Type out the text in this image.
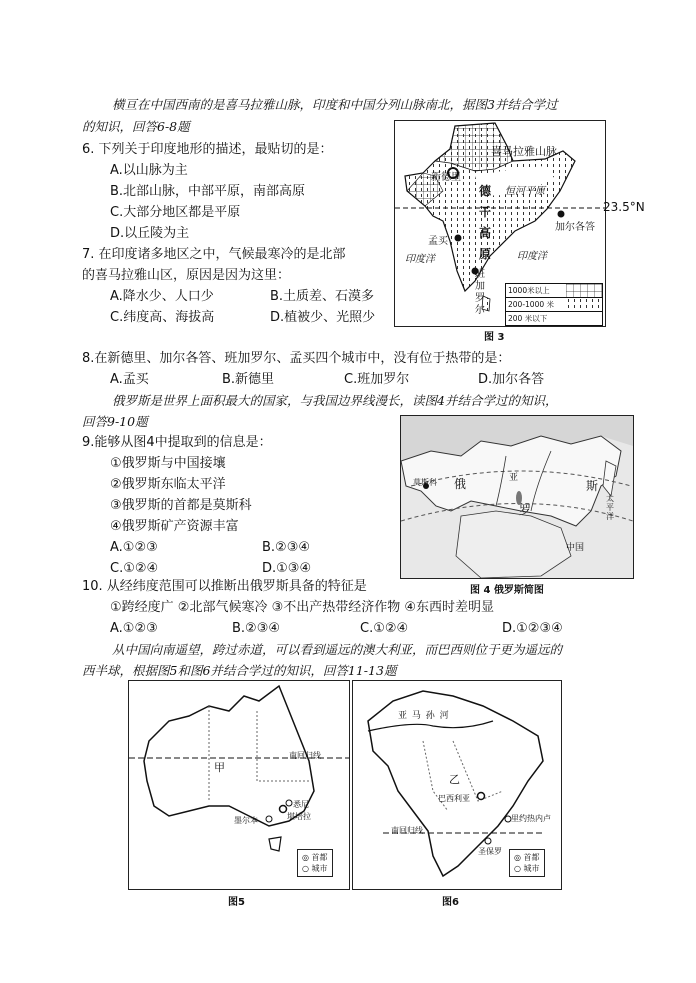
横亘在中国西南的是喜马拉雅山脉，印度和中国分列山脉南北，据图3并结合学过
的知识，回答6-8题
6. 下列关于印度地形的描述，最贴切的是：
A.以山脉为主
B.北部山脉，中部平原，南部高原
C.大部分地区都是平原
D.以丘陵为主
7. 在印度诸多地区之中，气候最寒冷的是北部
的喜马拉雅山区，原因是因为这里：
A.降水少、人口少	B.土质差、石漠多
C.纬度高、海拔高	D.植被少、光照少
喜马拉雅山脉
新德里
恒河平原
德干高原
加尔各答
孟买
班加罗尔
印度洋	印度洋
1000米以上
200-1000 米
200 米以下
23.5°N
图 3
8.在新德里、加尔各答、班加罗尔、孟买四个城市中，没有位于热带的是：
A.孟买	B.新德里	C.班加罗尔	D.加尔各答
俄罗斯是世界上面积最大的国家，与我国边界线漫长，读图4并结合学过的知识，
回答9-10题
9.能够从图4中提取到的信息是：
①俄罗斯与中国接壤
②俄罗斯东临太平洋
③俄罗斯的首都是莫斯科
④俄罗斯矿产资源丰富
A.①②③	B.②③④
C.①②④	D.①③④
莫斯科 俄
罗
斯
亚
太平洋
中国
图 4 俄罗斯简图
10. 从经纬度范围可以推断出俄罗斯具备的特征是
①跨经度广 ②北部气候寒冷 ③不出产热带经济作物 ④东西时差明显
A.①②③	B.②③④	C.①②④	D.①②③④
从中国向南遥望，跨过赤道，可以看到遥远的澳大利亚，而巴西则位于更为遥远的
西半球，根据图5和图6并结合学过的知识，回答11-13题
甲
南回归线
悉尼
堪培拉
墨尔本
◎ 首都
○ 城市
图5
亚 马 孙 河
乙
巴西利亚
里约热内卢
圣保罗
南回归线
◎ 首都
○ 城市
图6
